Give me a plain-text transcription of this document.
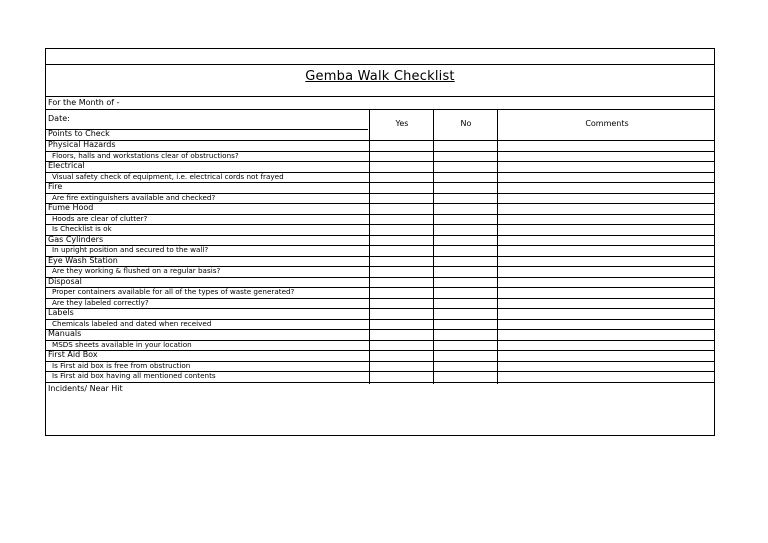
Gemba Walk Checklist
For the Month of -
Date:
Yes	No	Comments
Points to Check
Physical Hazards
Floors, halls and workstations clear of obstructions?
Electrical
Visual safety check of equipment, i.e. electrical cords not frayed
Fire
Are fire extinguishers available and checked?
Fume Hood
Hoods are clear of clutter?
Is Checklist is ok
Gas Cylinders
In upright position and secured to the wall?
Eye Wash Station
Are they working & flushed on a regular basis?
Disposal
Proper containers available for all of the types of waste generated?
Are they labeled correctly?
Labels
Chemicals labeled and dated when received
Manuals
MSDS sheets available in your location
First Aid Box
Is First aid box is free from obstruction
Is First aid box having all mentioned contents
Incidents/ Near Hit
